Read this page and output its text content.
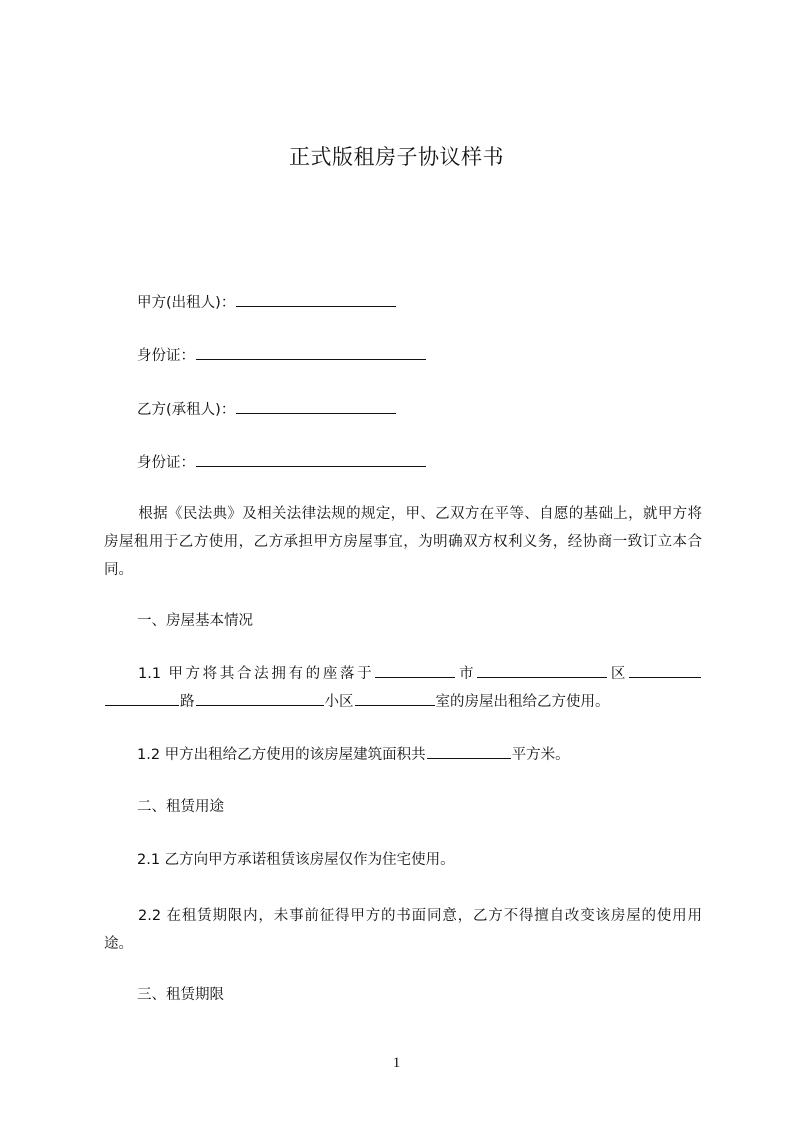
正式版租房子协议样书
甲方(出租人)：
身份证：
乙方(承租人)：
身份证：
根据《民法典》及相关法律法规的规定，甲、乙双方在平等、自愿的基础上，就甲方将房屋租用于乙方使用，乙方承担甲方房屋事宜，为明确双方权利义务，经协商一致订立本合同。
一、房屋基本情况
1.1 甲方将其合法拥有的座落于	市	区路	小区	室的房屋出租给乙方使用。
1.2 甲方出租给乙方使用的该房屋建筑面积共	平方米。
二、租赁用途
2.1 乙方向甲方承诺租赁该房屋仅作为住宅使用。
2.2 在租赁期限内，未事前征得甲方的书面同意，乙方不得擅自改变该房屋的使用用途。
三、租赁期限
1
